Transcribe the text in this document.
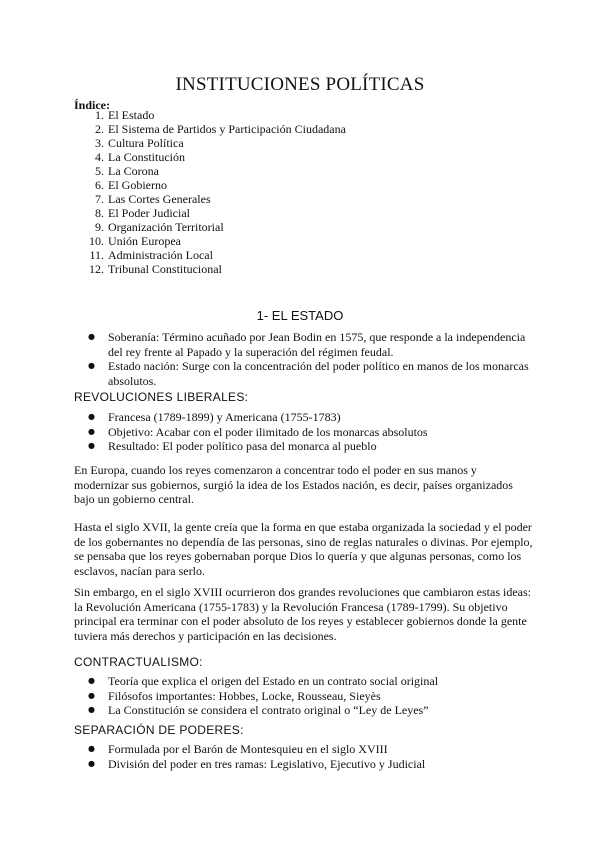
INSTITUCIONES POLÍTICAS
Índice:
1. El Estado
2. El Sistema de Partidos y Participación Ciudadana
3. Cultura Política
4. La Constitución
5. La Corona
6. El Gobierno
7. Las Cortes Generales
8. El Poder Judicial
9. Organización Territorial
10. Unión Europea
11. Administración Local
12. Tribunal Constitucional
1- EL ESTADO
● Soberanía: Término acuñado por Jean Bodin en 1575, que responde a la independencia del rey frente al Papado y la superación del régimen feudal.
● Estado nación: Surge con la concentración del poder político en manos de los monarcas absolutos.
REVOLUCIONES LIBERALES:
● Francesa (1789-1899) y Americana (1755-1783)
● Objetivo: Acabar con el poder ilimitado de los monarcas absolutos
● Resultado: El poder político pasa del monarca al pueblo

En Europa, cuando los reyes comenzaron a concentrar todo el poder en sus manos y modernizar sus gobiernos, surgió la idea de los Estados nación, es decir, países organizados bajo un gobierno central.

Hasta el siglo XVII, la gente creía que la forma en que estaba organizada la sociedad y el poder de los gobernantes no dependía de las personas, sino de reglas naturales o divinas. Por ejemplo, se pensaba que los reyes gobernaban porque Dios lo quería y que algunas personas, como los esclavos, nacían para serlo.

Sin embargo, en el siglo XVIII ocurrieron dos grandes revoluciones que cambiaron estas ideas: la Revolución Americana (1755-1783) y la Revolución Francesa (1789-1799). Su objetivo principal era terminar con el poder absoluto de los reyes y establecer gobiernos donde la gente tuviera más derechos y participación en las decisiones.

CONTRACTUALISMO:
● Teoría que explica el origen del Estado en un contrato social original
● Filósofos importantes: Hobbes, Locke, Rousseau, Sieyès
● La Constitución se considera el contrato original o “Ley de Leyes”
SEPARACIÓN DE PODERES:
● Formulada por el Barón de Montesquieu en el siglo XVIII
● División del poder en tres ramas: Legislativo, Ejecutivo y Judicial
